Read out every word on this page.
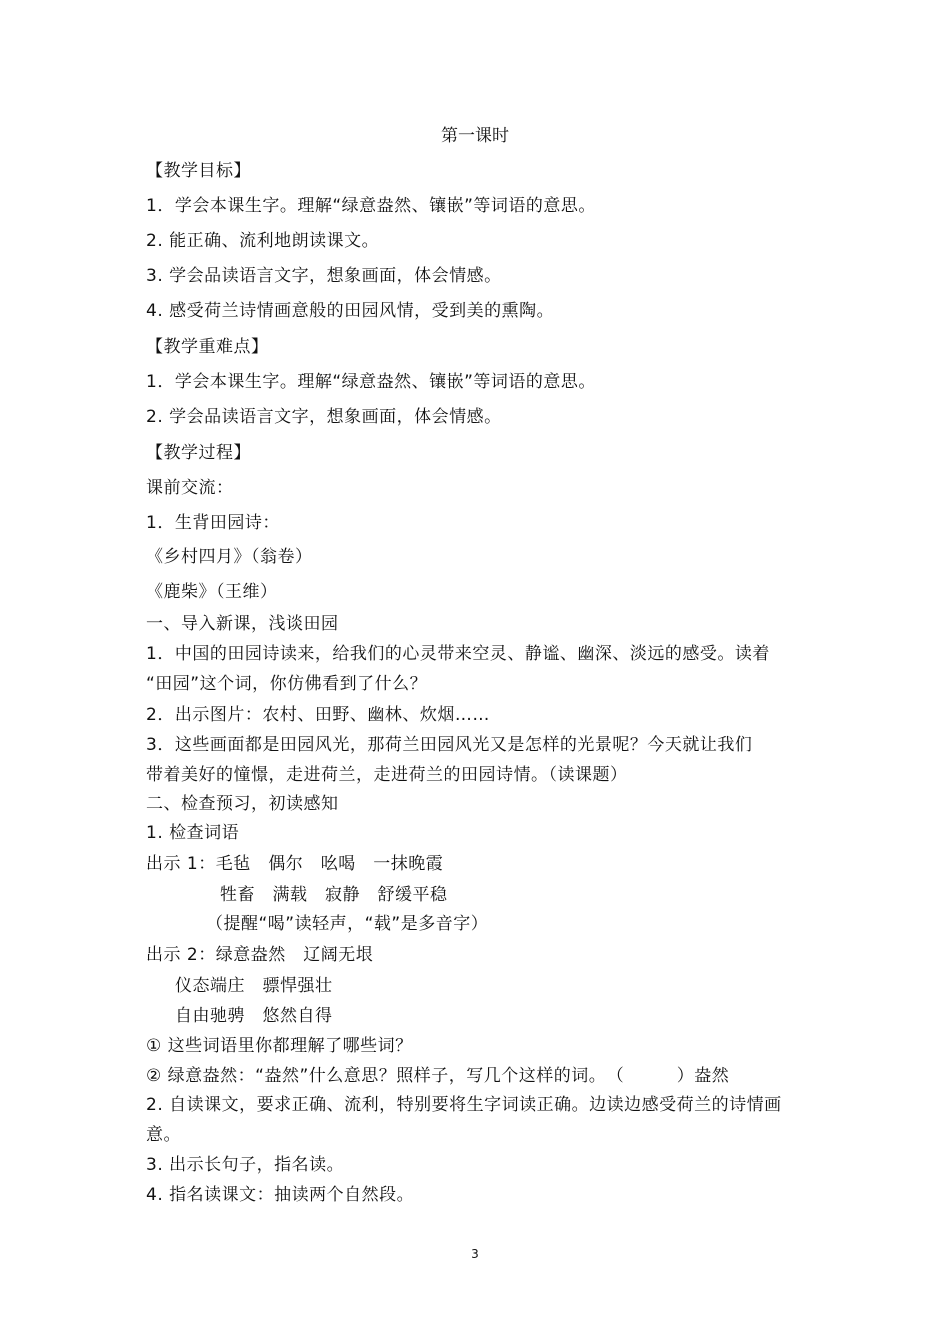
第一课时
【教学目标】
1．学会本课生字。理解“绿意盎然、镶嵌”等词语的意思。
2. 能正确、流利地朗读课文。
3. 学会品读语言文字，想象画面，体会情感。
4. 感受荷兰诗情画意般的田园风情，受到美的熏陶。
【教学重难点】
1．学会本课生字。理解“绿意盎然、镶嵌”等词语的意思。
2. 学会品读语言文字，想象画面，体会情感。
【教学过程】
课前交流：
1．生背田园诗：
《乡村四月》（翁卷）
《鹿柴》（王维）
一、导入新课，浅谈田园
1．中国的田园诗读来，给我们的心灵带来空灵、静谧、幽深、淡远的感受。读着
“田园”这个词，你仿佛看到了什么？
2．出示图片：农村、田野、幽林、炊烟……
3．这些画面都是田园风光，那荷兰田园风光又是怎样的光景呢？今天就让我们
带着美好的憧憬，走进荷兰，走进荷兰的田园诗情。（读课题）
二、检查预习，初读感知
1. 检查词语
出示 1：毛毡　偶尔　吆喝　一抹晚霞
牲畜　满载　寂静　舒缓平稳
（提醒“喝”读轻声，“载”是多音字）
出示 2：绿意盎然　辽阔无垠
仪态端庄　骠悍强壮
自由驰骋　悠然自得
① 这些词语里你都理解了哪些词？
② 绿意盎然：“盎然”什么意思？照样子，写几个这样的词。　（　　　）盎然
2. 自读课文，要求正确、流利，特别要将生字词读正确。边读边感受荷兰的诗情画
意。
3. 出示长句子，指名读。
4. 指名读课文：抽读两个自然段。
3
